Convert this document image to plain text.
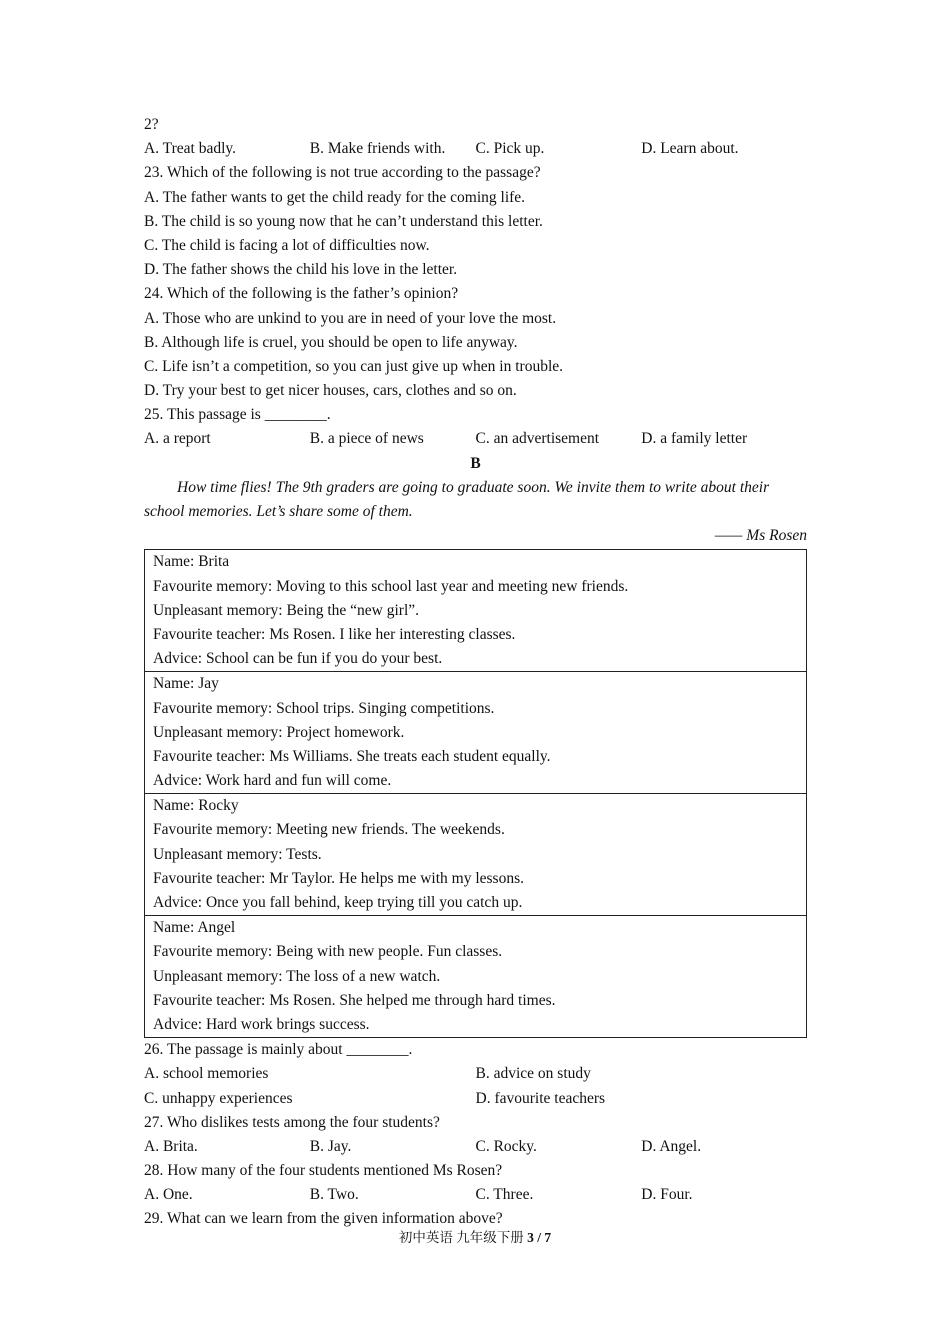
2?
A. Treat badly.	B. Make friends with.	C. Pick up.	D. Learn about.
23. Which of the following is not true according to the passage?
A. The father wants to get the child ready for the coming life.
B. The child is so young now that he can’t understand this letter.
C. The child is facing a lot of difficulties now.
D. The father shows the child his love in the letter.
24. Which of the following is the father’s opinion?
A. Those who are unkind to you are in need of your love the most.
B. Although life is cruel, you should be open to life anyway.
C. Life isn’t a competition, so you can just give up when in trouble.
D. Try your best to get nicer houses, cars, clothes and so on.
25. This passage is ________.
A. a report	B. a piece of news	C. an advertisement	D. a family letter
B
How time flies! The 9th graders are going to graduate soon. We invite them to write about their school memories. Let’s share some of them.
—— Ms Rosen
Name: Brita
Favourite memory: Moving to this school last year and meeting new friends.
Unpleasant memory: Being the “new girl”.
Favourite teacher: Ms Rosen. I like her interesting classes.
Advice: School can be fun if you do your best.
Name: Jay
Favourite memory: School trips. Singing competitions.
Unpleasant memory: Project homework.
Favourite teacher: Ms Williams. She treats each student equally.
Advice: Work hard and fun will come.
Name: Rocky
Favourite memory: Meeting new friends. The weekends.
Unpleasant memory: Tests.
Favourite teacher: Mr Taylor. He helps me with my lessons.
Advice: Once you fall behind, keep trying till you catch up.
Name: Angel
Favourite memory: Being with new people. Fun classes.
Unpleasant memory: The loss of a new watch.
Favourite teacher: Ms Rosen. She helped me through hard times.
Advice: Hard work brings success.
26. The passage is mainly about ________.
A. school memories	B. advice on study
C. unhappy experiences	D. favourite teachers
27. Who dislikes tests among the four students?
A. Brita.	B. Jay.	C. Rocky.	D. Angel.
28. How many of the four students mentioned Ms Rosen?
A. One.	B. Two.	C. Three.	D. Four.
29. What can we learn from the given information above?
初中英语 九年级下册 3 / 7
